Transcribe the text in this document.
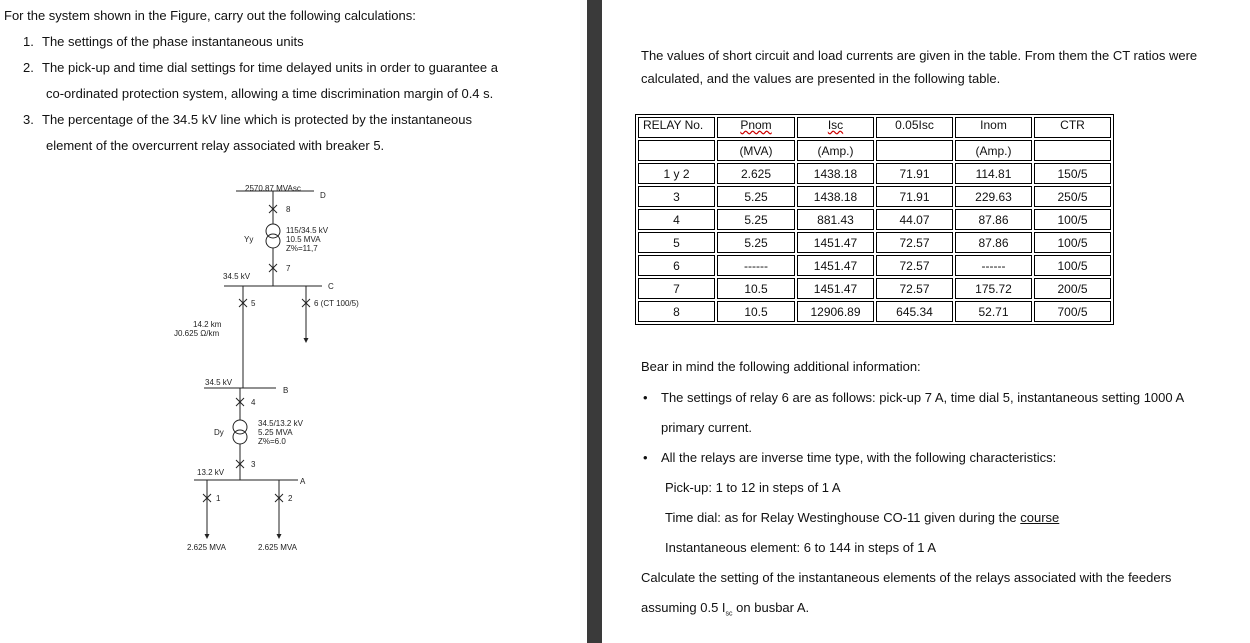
For the system shown in the Figure, carry out the following calculations:
1. The settings of the phase instantaneous units
2. The pick-up and time dial settings for time delayed units in order to guarantee a
co-ordinated protection system, allowing a time discrimination margin of 0.4 s.
3. The percentage of the 34.5 kV line which is protected by the instantaneous
element of the overcurrent relay associated with breaker 5.
2570.87 MVAsc
D
8
115/34.5 kV
10.5 MVA
Z%=11,7
Yy
7
34.5 kV
C
5	6 (CT 100/5)
14.2 km
J0.625 Ω/km
34.5 kV
B
4
34.5/13.2 kV
5.25 MVA
Z%=6.0
Dy
3
13.2 kV
A
1	2
2.625 MVA	2.625 MVA
The values of short circuit and load currents are given in the table. From them the CT ratios were
calculated, and the values are presented in the following table.
RELAY No.	Pnom	Isc	0.05Isc	Inom	CTR
	(MVA)	(Amp.)		(Amp.)	
1 y 2	2.625	1438.18	71.91	114.81	150/5
3	5.25	1438.18	71.91	229.63	250/5
4	5.25	881.43	44.07	87.86	100/5
5	5.25	1451.47	72.57	87.86	100/5
6	------	1451.47	72.57	------	100/5
7	10.5	1451.47	72.57	175.72	200/5
8	10.5	12906.89	645.34	52.71	700/5
Bear in mind the following additional information:
• The settings of relay 6 are as follows: pick-up 7 A, time dial 5, instantaneous setting 1000 A
primary current.
• All the relays are inverse time type, with the following characteristics:
Pick-up: 1 to 12 in steps of 1 A
Time dial: as for Relay Westinghouse CO-11 given during the course
Instantaneous element: 6 to 144 in steps of 1 A
Calculate the setting of the instantaneous elements of the relays associated with the feeders
assuming 0.5 $I_{sc}$ on busbar A.
